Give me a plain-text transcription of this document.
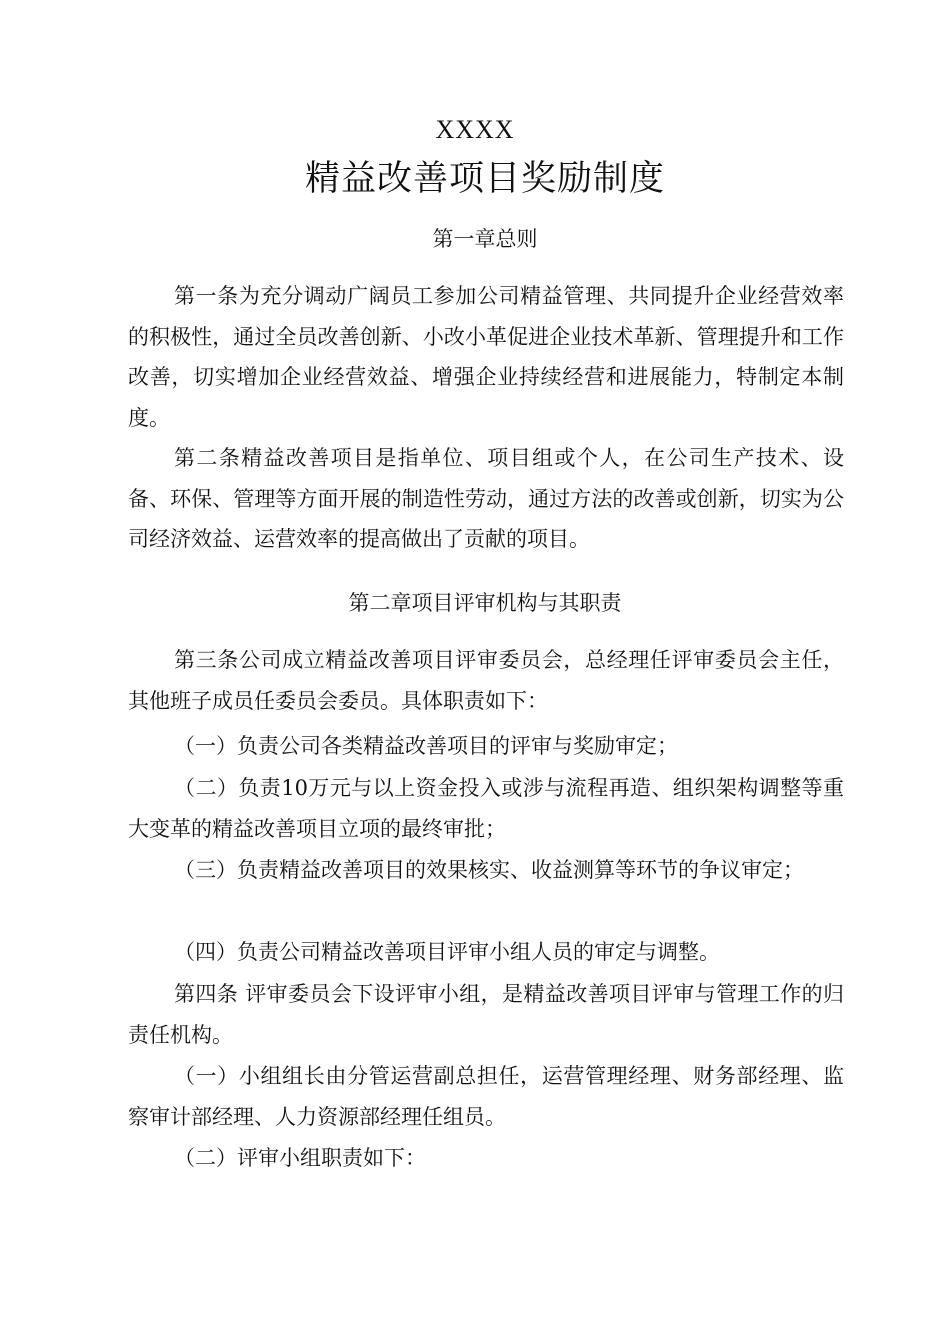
XXXX
精益改善项目奖励制度
第一章总则
第一条为充分调动广阔员工参加公司精益管理、共同提升企业经营效率的积极性，通过全员改善创新、小改小革促进企业技术革新、管理提升和工作改善，切实增加企业经营效益、增强企业持续经营和进展能力，特制定本制度。
第二条精益改善项目是指单位、项目组或个人，在公司生产技术、设备、环保、管理等方面开展的制造性劳动，通过方法的改善或创新，切实为公司经济效益、运营效率的提高做出了贡献的项目。
第二章项目评审机构与其职责
第三条公司成立精益改善项目评审委员会，总经理任评审委员会主任，其他班子成员任委员会委员。具体职责如下：
（一）负责公司各类精益改善项目的评审与奖励审定；
（二）负责10万元与以上资金投入或涉与流程再造、组织架构调整等重大变革的精益改善项目立项的最终审批；
（三）负责精益改善项目的效果核实、收益测算等环节的争议审定；
（四）负责公司精益改善项目评审小组人员的审定与调整。
第四条 评审委员会下设评审小组，是精益改善项目评审与管理工作的归责任机构。
（一）小组组长由分管运营副总担任，运营管理经理、财务部经理、监察审计部经理、人力资源部经理任组员。
（二）评审小组职责如下：
